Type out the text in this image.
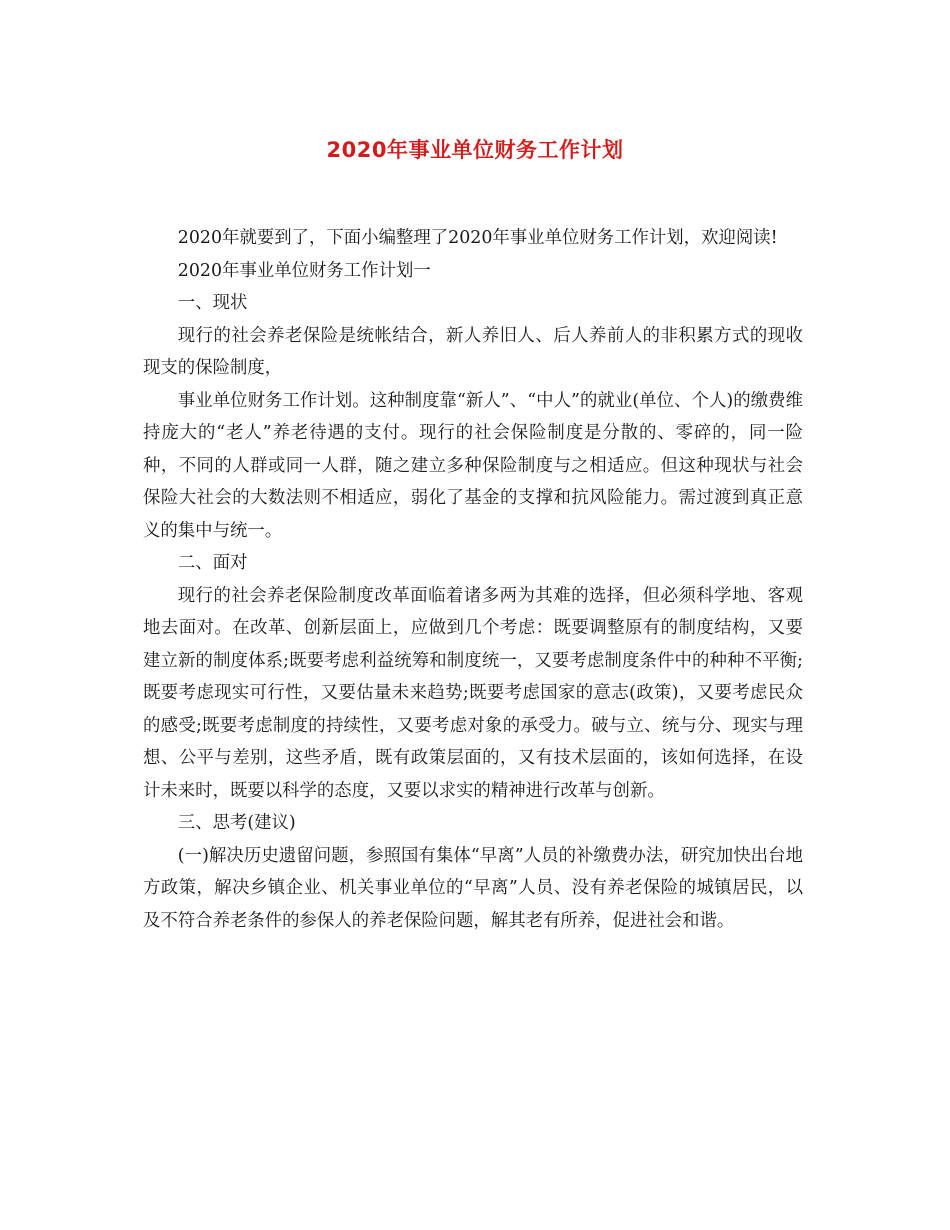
2020年事业单位财务工作计划

2020年就要到了，下面小编整理了2020年事业单位财务工作计划，欢迎阅读!

2020年事业单位财务工作计划一

一、现状

现行的社会养老保险是统帐结合，新人养旧人、后人养前人的非积累方式的现收现支的保险制度，

事业单位财务工作计划。这种制度靠“新人”、“中人”的就业(单位、个人)的缴费维持庞大的“老人”养老待遇的支付。现行的社会保险制度是分散的、零碎的，同一险种，不同的人群或同一人群，随之建立多种保险制度与之相适应。但这种现状与社会保险大社会的大数法则不相适应，弱化了基金的支撑和抗风险能力。需过渡到真正意义的集中与统一。

二、面对

现行的社会养老保险制度改革面临着诸多两为其难的选择，但必须科学地、客观地去面对。在改革、创新层面上，应做到几个考虑：既要调整原有的制度结构，又要建立新的制度体系;既要考虑利益统筹和制度统一，又要考虑制度条件中的种种不平衡;既要考虑现实可行性，又要估量未来趋势;既要考虑国家的意志(政策)，又要考虑民众的感受;既要考虑制度的持续性，又要考虑对象的承受力。破与立、统与分、现实与理想、公平与差别，这些矛盾，既有政策层面的，又有技术层面的，该如何选择，在设计未来时，既要以科学的态度，又要以求实的精神进行改革与创新。

三、思考(建议)

(一)解决历史遗留问题，参照国有集体“早离”人员的补缴费办法，研究加快出台地方政策，解决乡镇企业、机关事业单位的“早离”人员、没有养老保险的城镇居民，以及不符合养老条件的参保人的养老保险问题，解其老有所养，促进社会和谐。
